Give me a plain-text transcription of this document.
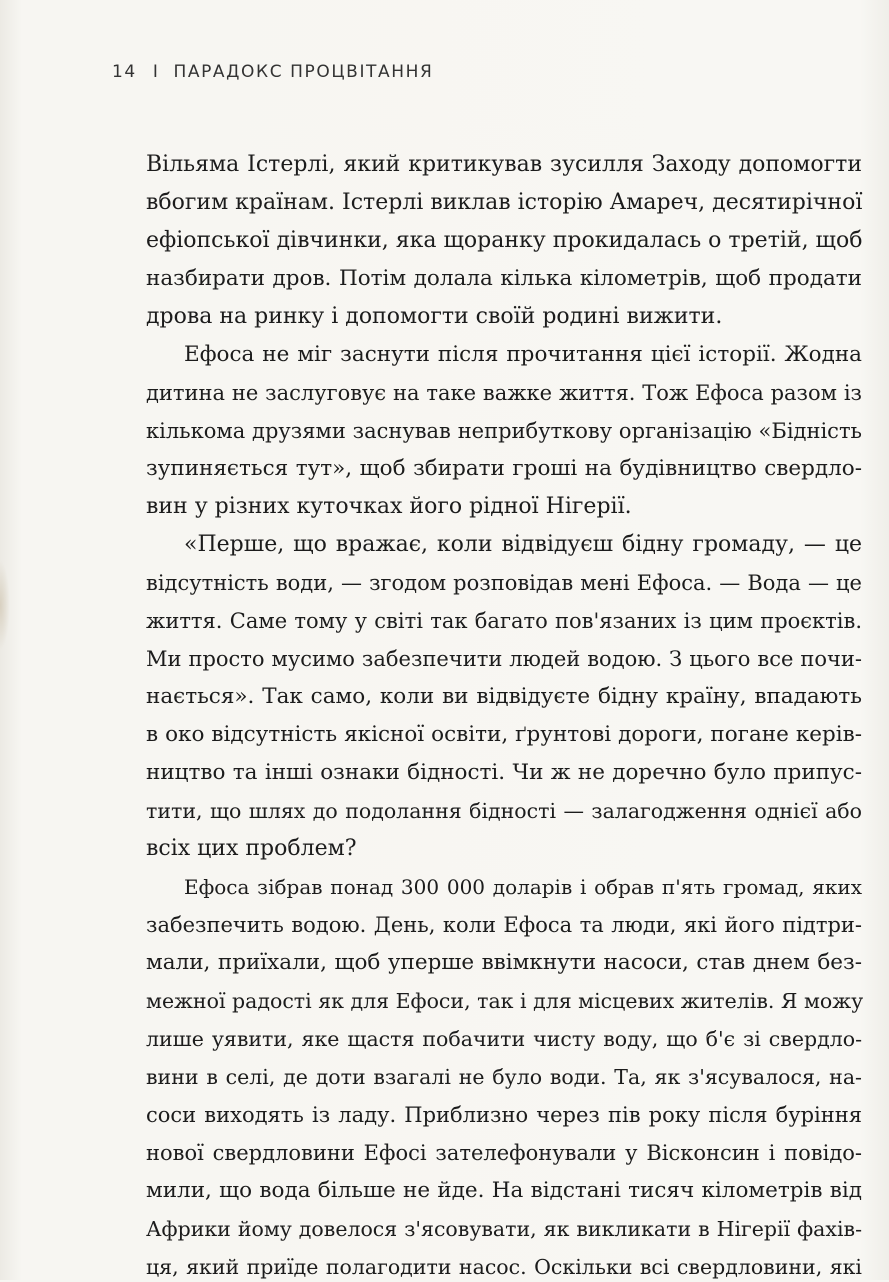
14 I ПАРАДОКС ПРОЦВІТАННЯ
Вільяма Істерлі, який критикував зусилля Заходу допомогти
вбогим країнам. Істерлі виклав історію Амареч, десятирічної
ефіопської дівчинки, яка щоранку прокидалась о третій, щоб
назбирати дров. Потім долала кілька кілометрів, щоб продати
дрова на ринку і допомогти своїй родині вижити.
Ефоса не міг заснути після прочитання цієї історії. Жодна
дитина не заслуговує на таке важке життя. Тож Ефоса разом із
кількома друзями заснував неприбуткову організацію «Бідність
зупиняється тут», щоб збирати гроші на будівництво свердло-
вин у різних куточках його рідної Нігерії.
«Перше, що вражає, коли відвідуєш бідну громаду, — це
відсутність води, — згодом розповідав мені Ефоса. — Вода — це
життя. Саме тому у світі так багато пов'язаних із цим проєктів.
Ми просто мусимо забезпечити людей водою. З цього все почи-
нається». Так само, коли ви відвідуєте бідну країну, впадають
в око відсутність якісної освіти, ґрунтові дороги, погане керів-
ництво та інші ознаки бідності. Чи ж не доречно було припус-
тити, що шлях до подолання бідності — залагодження однієї або
всіх цих проблем?
Ефоса зібрав понад 300 000 доларів і обрав п'ять громад, яких
забезпечить водою. День, коли Ефоса та люди, які його підтри-
мали, приїхали, щоб уперше ввімкнути насоси, став днем без-
межної радості як для Ефоси, так і для місцевих жителів. Я можу
лише уявити, яке щастя побачити чисту воду, що б'є зі свердло-
вини в селі, де доти взагалі не було води. Та, як з'ясувалося, на-
соси виходять із ладу. Приблизно через пів року після буріння
нової свердловини Ефосі зателефонували у Вісконсин і повідо-
мили, що вода більше не йде. На відстані тисяч кілометрів від
Африки йому довелося з'ясовувати, як викликати в Нігерії фахів-
ця, який приїде полагодити насос. Оскільки всі свердловини, які
